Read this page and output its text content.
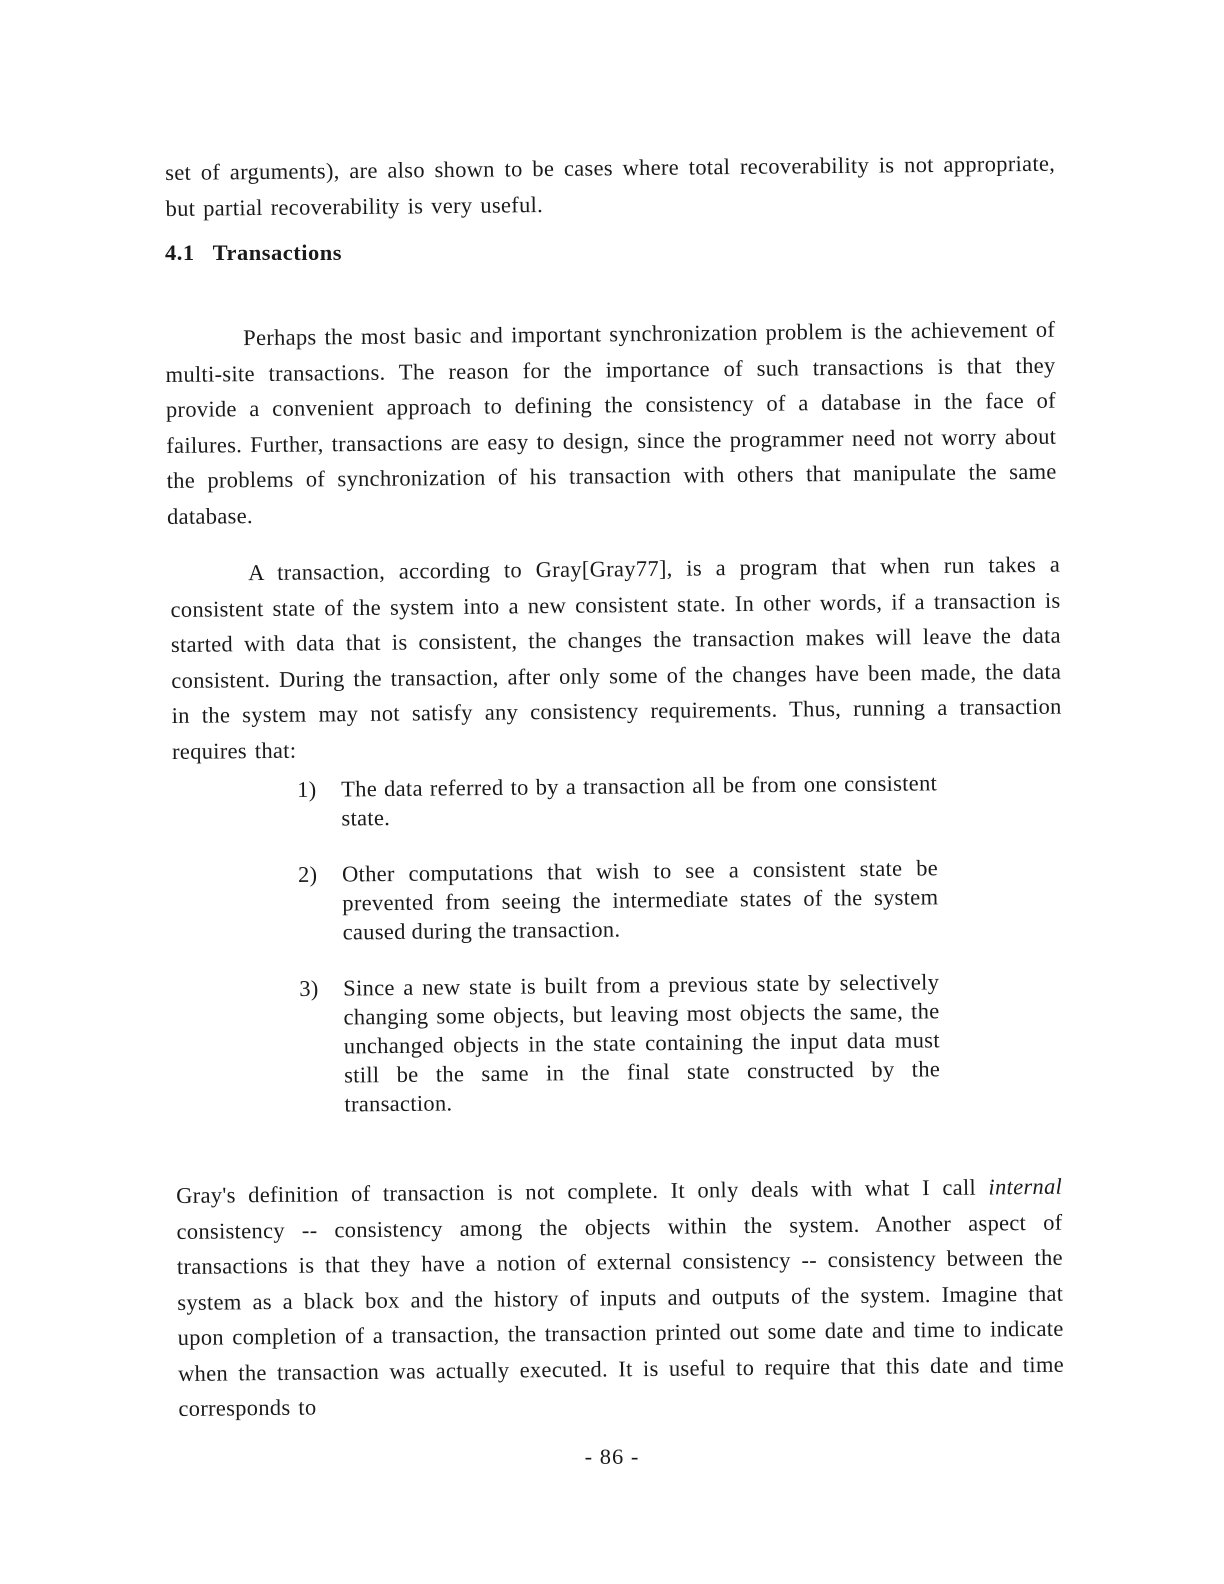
set of arguments), are also shown to be cases where total recoverability is not appropriate, but partial recoverability is very useful.

4.1 Transactions

Perhaps the most basic and important synchronization problem is the achievement of multi-site transactions. The reason for the importance of such transactions is that they provide a convenient approach to defining the consistency of a database in the face of failures. Further, transactions are easy to design, since the programmer need not worry about the problems of synchronization of his transaction with others that manipulate the same database.

A transaction, according to Gray[Gray77], is a program that when run takes a consistent state of the system into a new consistent state. In other words, if a transaction is started with data that is consistent, the changes the transaction makes will leave the data consistent. During the transaction, after only some of the changes have been made, the data in the system may not satisfy any consistency requirements. Thus, running a transaction requires that:

1) The data referred to by a transaction all be from one consistent state.
2) Other computations that wish to see a consistent state be prevented from seeing the intermediate states of the system caused during the transaction.
3) Since a new state is built from a previous state by selectively changing some objects, but leaving most objects the same, the unchanged objects in the state containing the input data must still be the same in the final state constructed by the transaction.

Gray's definition of transaction is not complete. It only deals with what I call internal consistency -- consistency among the objects within the system. Another aspect of transactions is that they have a notion of external consistency -- consistency between the system as a black box and the history of inputs and outputs of the system. Imagine that upon completion of a transaction, the transaction printed out some date and time to indicate when the transaction was actually executed. It is useful to require that this date and time corresponds to

- 86 -
